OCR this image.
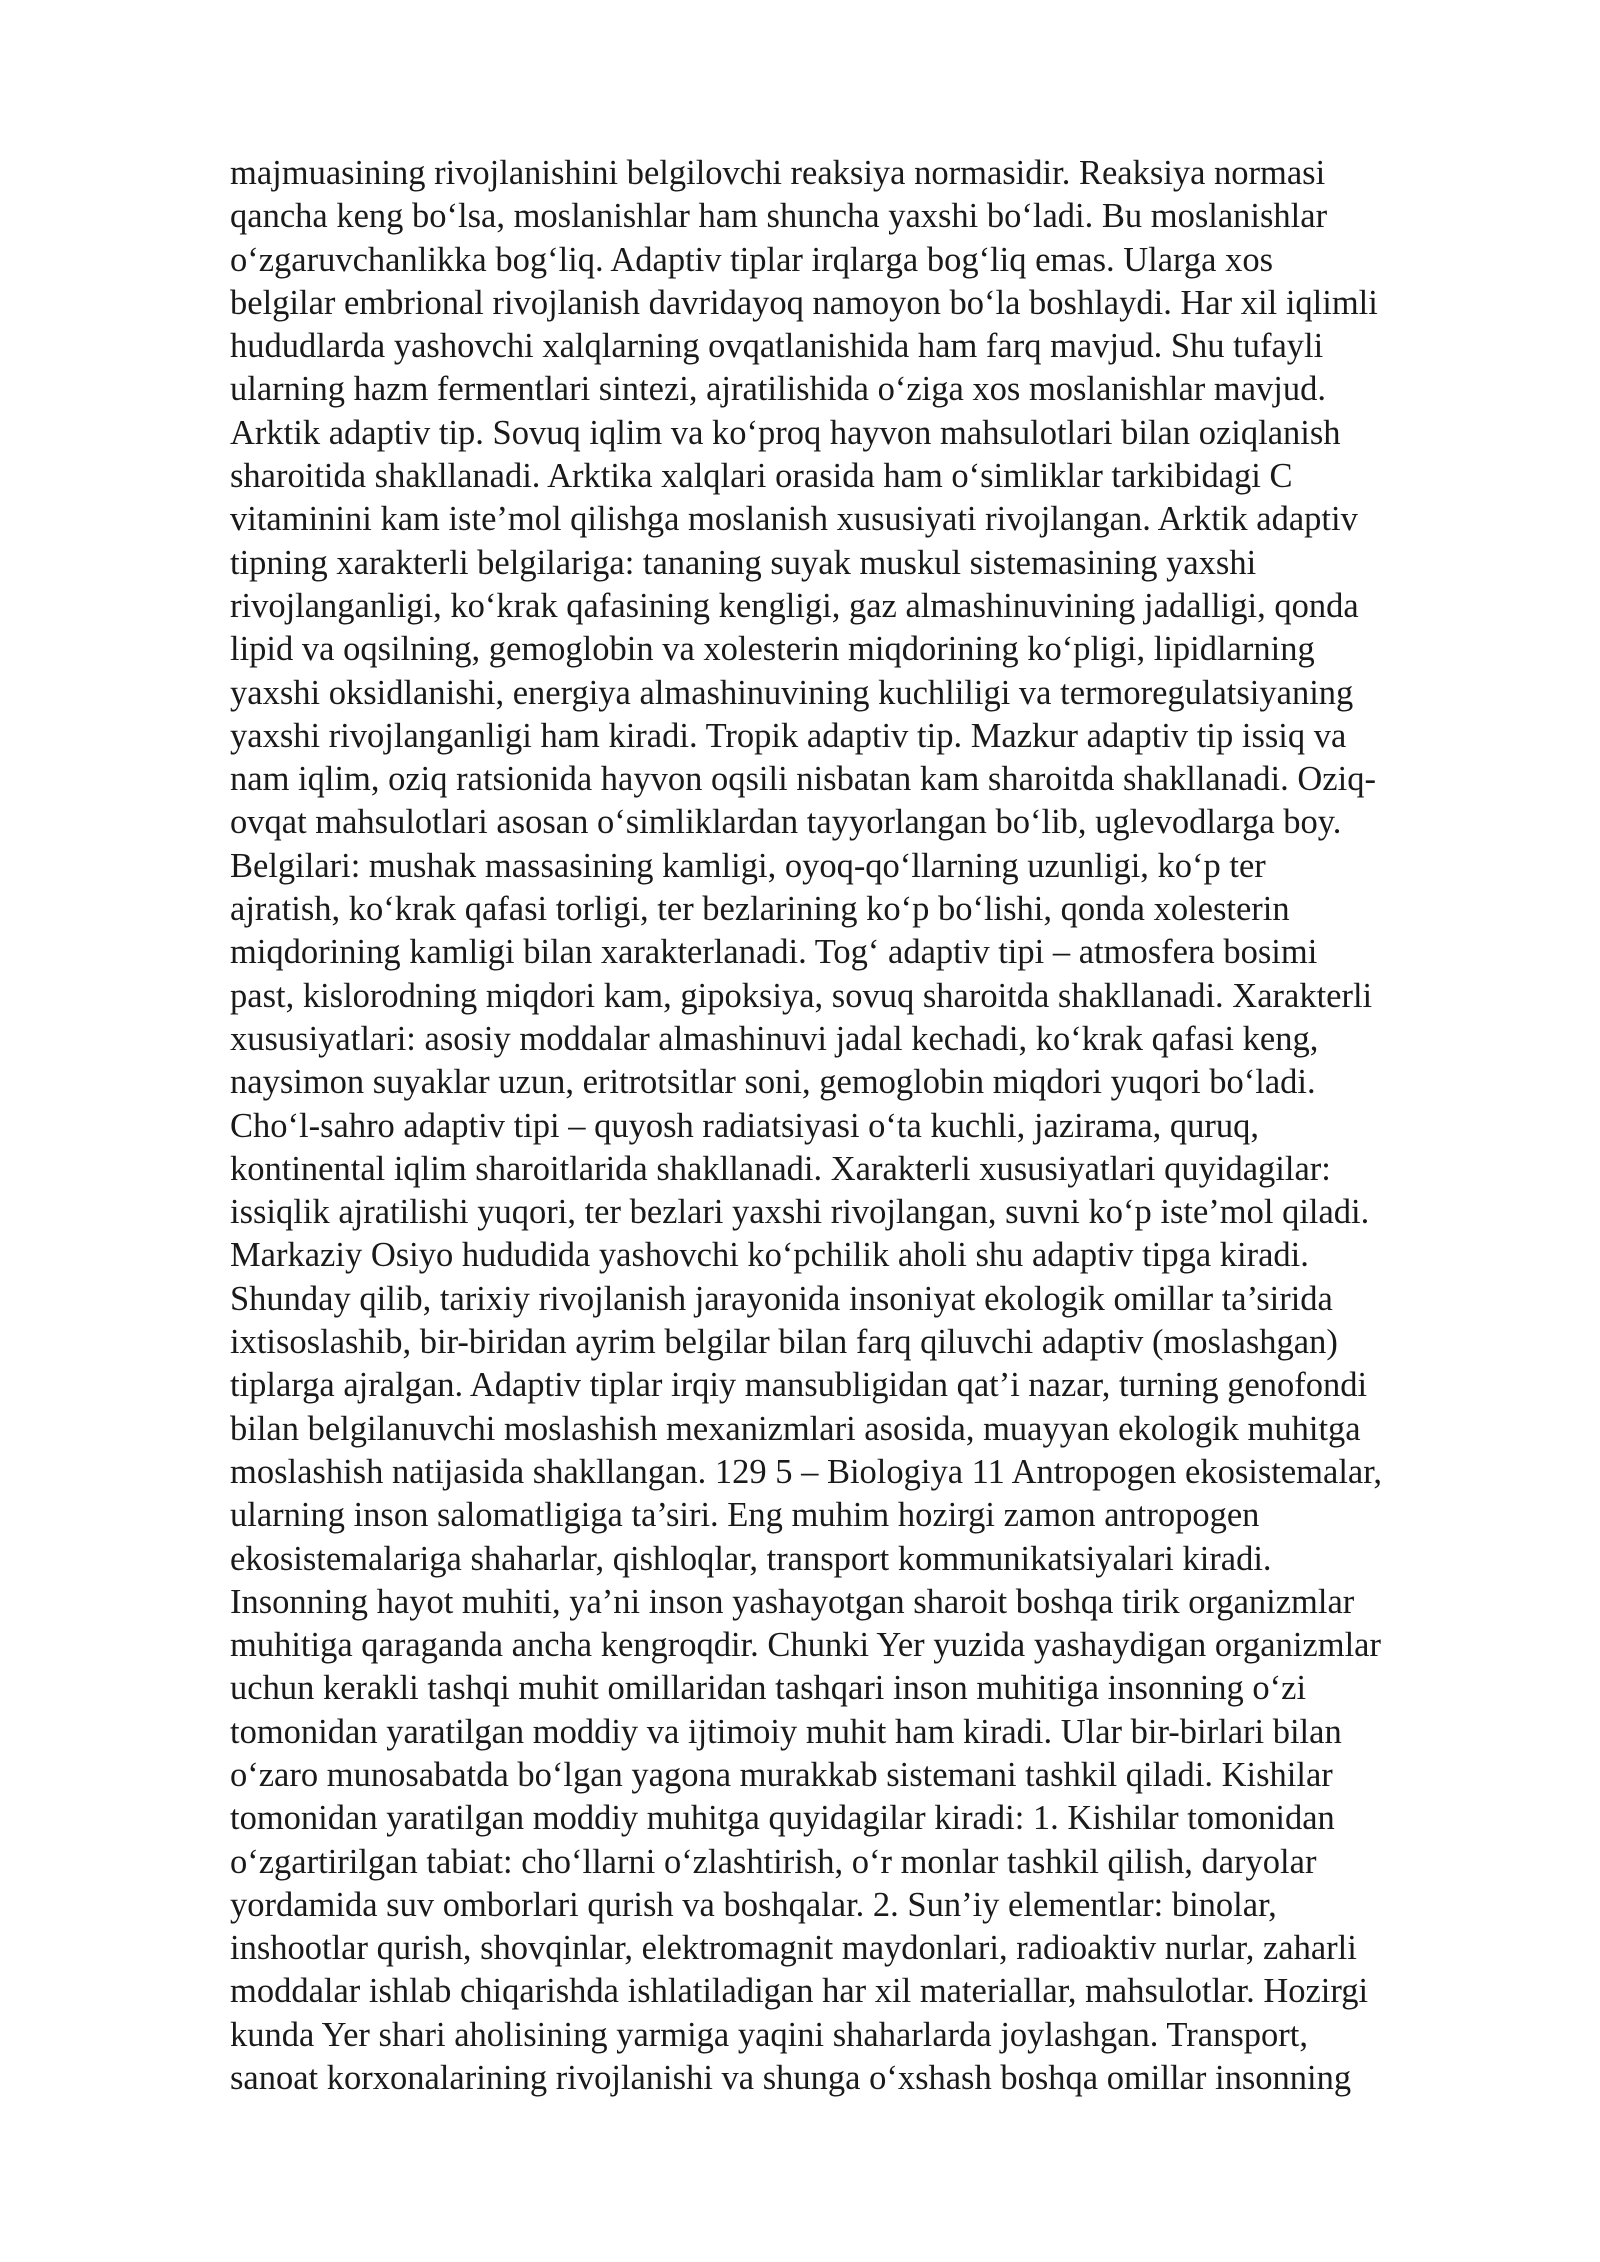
majmuasining rivojlanishini belgilovchi reaksiya normasidir. Reaksiya normasi
qancha keng bo‘lsa, moslanishlar ham shuncha yaxshi bo‘ladi. Bu moslanishlar
o‘zgaruvchanlikka bog‘liq. Adaptiv tiplar irqlarga bog‘liq emas. Ularga xos
belgilar embrional rivojlanish davridayoq namoyon bo‘la boshlaydi. Har xil iqlimli
hududlarda yashovchi xalqlarning ovqatlanishida ham farq mavjud. Shu tufayli
ularning hazm fermentlari sintezi, ajratilishida o‘ziga xos moslanishlar mavjud.
Arktik adaptiv tip. Sovuq iqlim va ko‘proq hayvon mahsulotlari bilan oziqlanish
sharoitida shakllanadi. Arktika xalqlari orasida ham o‘simliklar tarkibidagi C
vitaminini kam iste’mol qilishga moslanish xususiyati rivojlangan. Arktik adaptiv
tipning xarakterli belgilariga: tananing suyak muskul sistemasining yaxshi
rivojlanganligi, ko‘krak qafasining kengligi, gaz almashinuvining jadalligi, qonda
lipid va oqsilning, gemoglobin va xolesterin miqdorining ko‘pligi, lipidlarning
yaxshi oksidlanishi, energiya almashinuvining kuchliligi va termoregulatsiyaning
yaxshi rivojlanganligi ham kiradi. Tropik adaptiv tip. Mazkur adaptiv tip issiq va
nam iqlim, oziq ratsionida hayvon oqsili nisbatan kam sharoitda shakllanadi. Oziq-
ovqat mahsulotlari asosan o‘simliklardan tayyorlangan bo‘lib, uglevodlarga boy.
Belgilari: mushak massasining kamligi, oyoq-qo‘llarning uzunligi, ko‘p ter
ajratish, ko‘krak qafasi torligi, ter bezlarining ko‘p bo‘lishi, qonda xolesterin
miqdorining kamligi bilan xarakterlanadi. Tog‘ adaptiv tipi – atmosfera bosimi
past, kislorodning miqdori kam, gipoksiya, sovuq sharoitda shakllanadi. Xarakterli
xususiyatlari: asosiy moddalar almashinuvi jadal kechadi, ko‘krak qafasi keng,
naysimon suyaklar uzun, eritrotsitlar soni, gemoglobin miqdori yuqori bo‘ladi.
Cho‘l-sahro adaptiv tipi – quyosh radiatsiyasi o‘ta kuchli, jazirama, quruq,
kontinental iqlim sharoitlarida shakllanadi. Xarakterli xususiyatlari quyidagilar:
issiqlik ajratilishi yuqori, ter bezlari yaxshi rivojlangan, suvni ko‘p iste’mol qiladi.
Markaziy Osiyo hududida yashovchi ko‘pchilik aholi shu adaptiv tipga kiradi.
Shunday qilib, tarixiy rivojlanish jarayonida insoniyat ekologik omillar ta’sirida
ixtisoslashib, bir-biridan ayrim belgilar bilan farq qiluvchi adaptiv (moslashgan)
tiplarga ajralgan. Adaptiv tiplar irqiy mansubligidan qat’i nazar, turning genofondi
bilan belgilanuvchi moslashish mexanizmlari asosida, muayyan ekologik muhitga
moslashish natijasida shakllangan. 129 5 – Biologiya 11 Antropogen ekosistemalar,
ularning inson salomatligiga ta’siri. Eng muhim hozirgi zamon antropogen
ekosistemalariga shaharlar, qishloqlar, transport kommunikatsiyalari kiradi.
Insonning hayot muhiti, ya’ni inson yashayotgan sharoit boshqa tirik organizmlar
muhitiga qaraganda ancha kengroqdir. Chunki Yer yuzida yashaydigan organizmlar
uchun kerakli tashqi muhit omillaridan tashqari inson muhitiga insonning o‘zi
tomonidan yaratilgan moddiy va ijtimoiy muhit ham kiradi. Ular bir-birlari bilan
o‘zaro munosabatda bo‘lgan yagona murakkab sistemani tashkil qiladi. Kishilar
tomonidan yaratilgan moddiy muhitga quyidagilar kiradi: 1. Kishilar tomonidan
o‘zgartirilgan tabiat: cho‘llarni o‘zlashtirish, o‘r monlar tashkil qilish, daryolar
yordamida suv omborlari qurish va boshqalar. 2. Sun’iy elementlar: binolar,
inshootlar qurish, shovqinlar, elektromagnit maydonlari, radioaktiv nurlar, zaharli
moddalar ishlab chiqarishda ishlatiladigan har xil materiallar, mahsulotlar. Hozirgi
kunda Yer shari aholisining yarmiga yaqini shaharlarda joylashgan. Transport,
sanoat korxonalarining rivojlanishi va shunga o‘xshash boshqa omillar insonning
